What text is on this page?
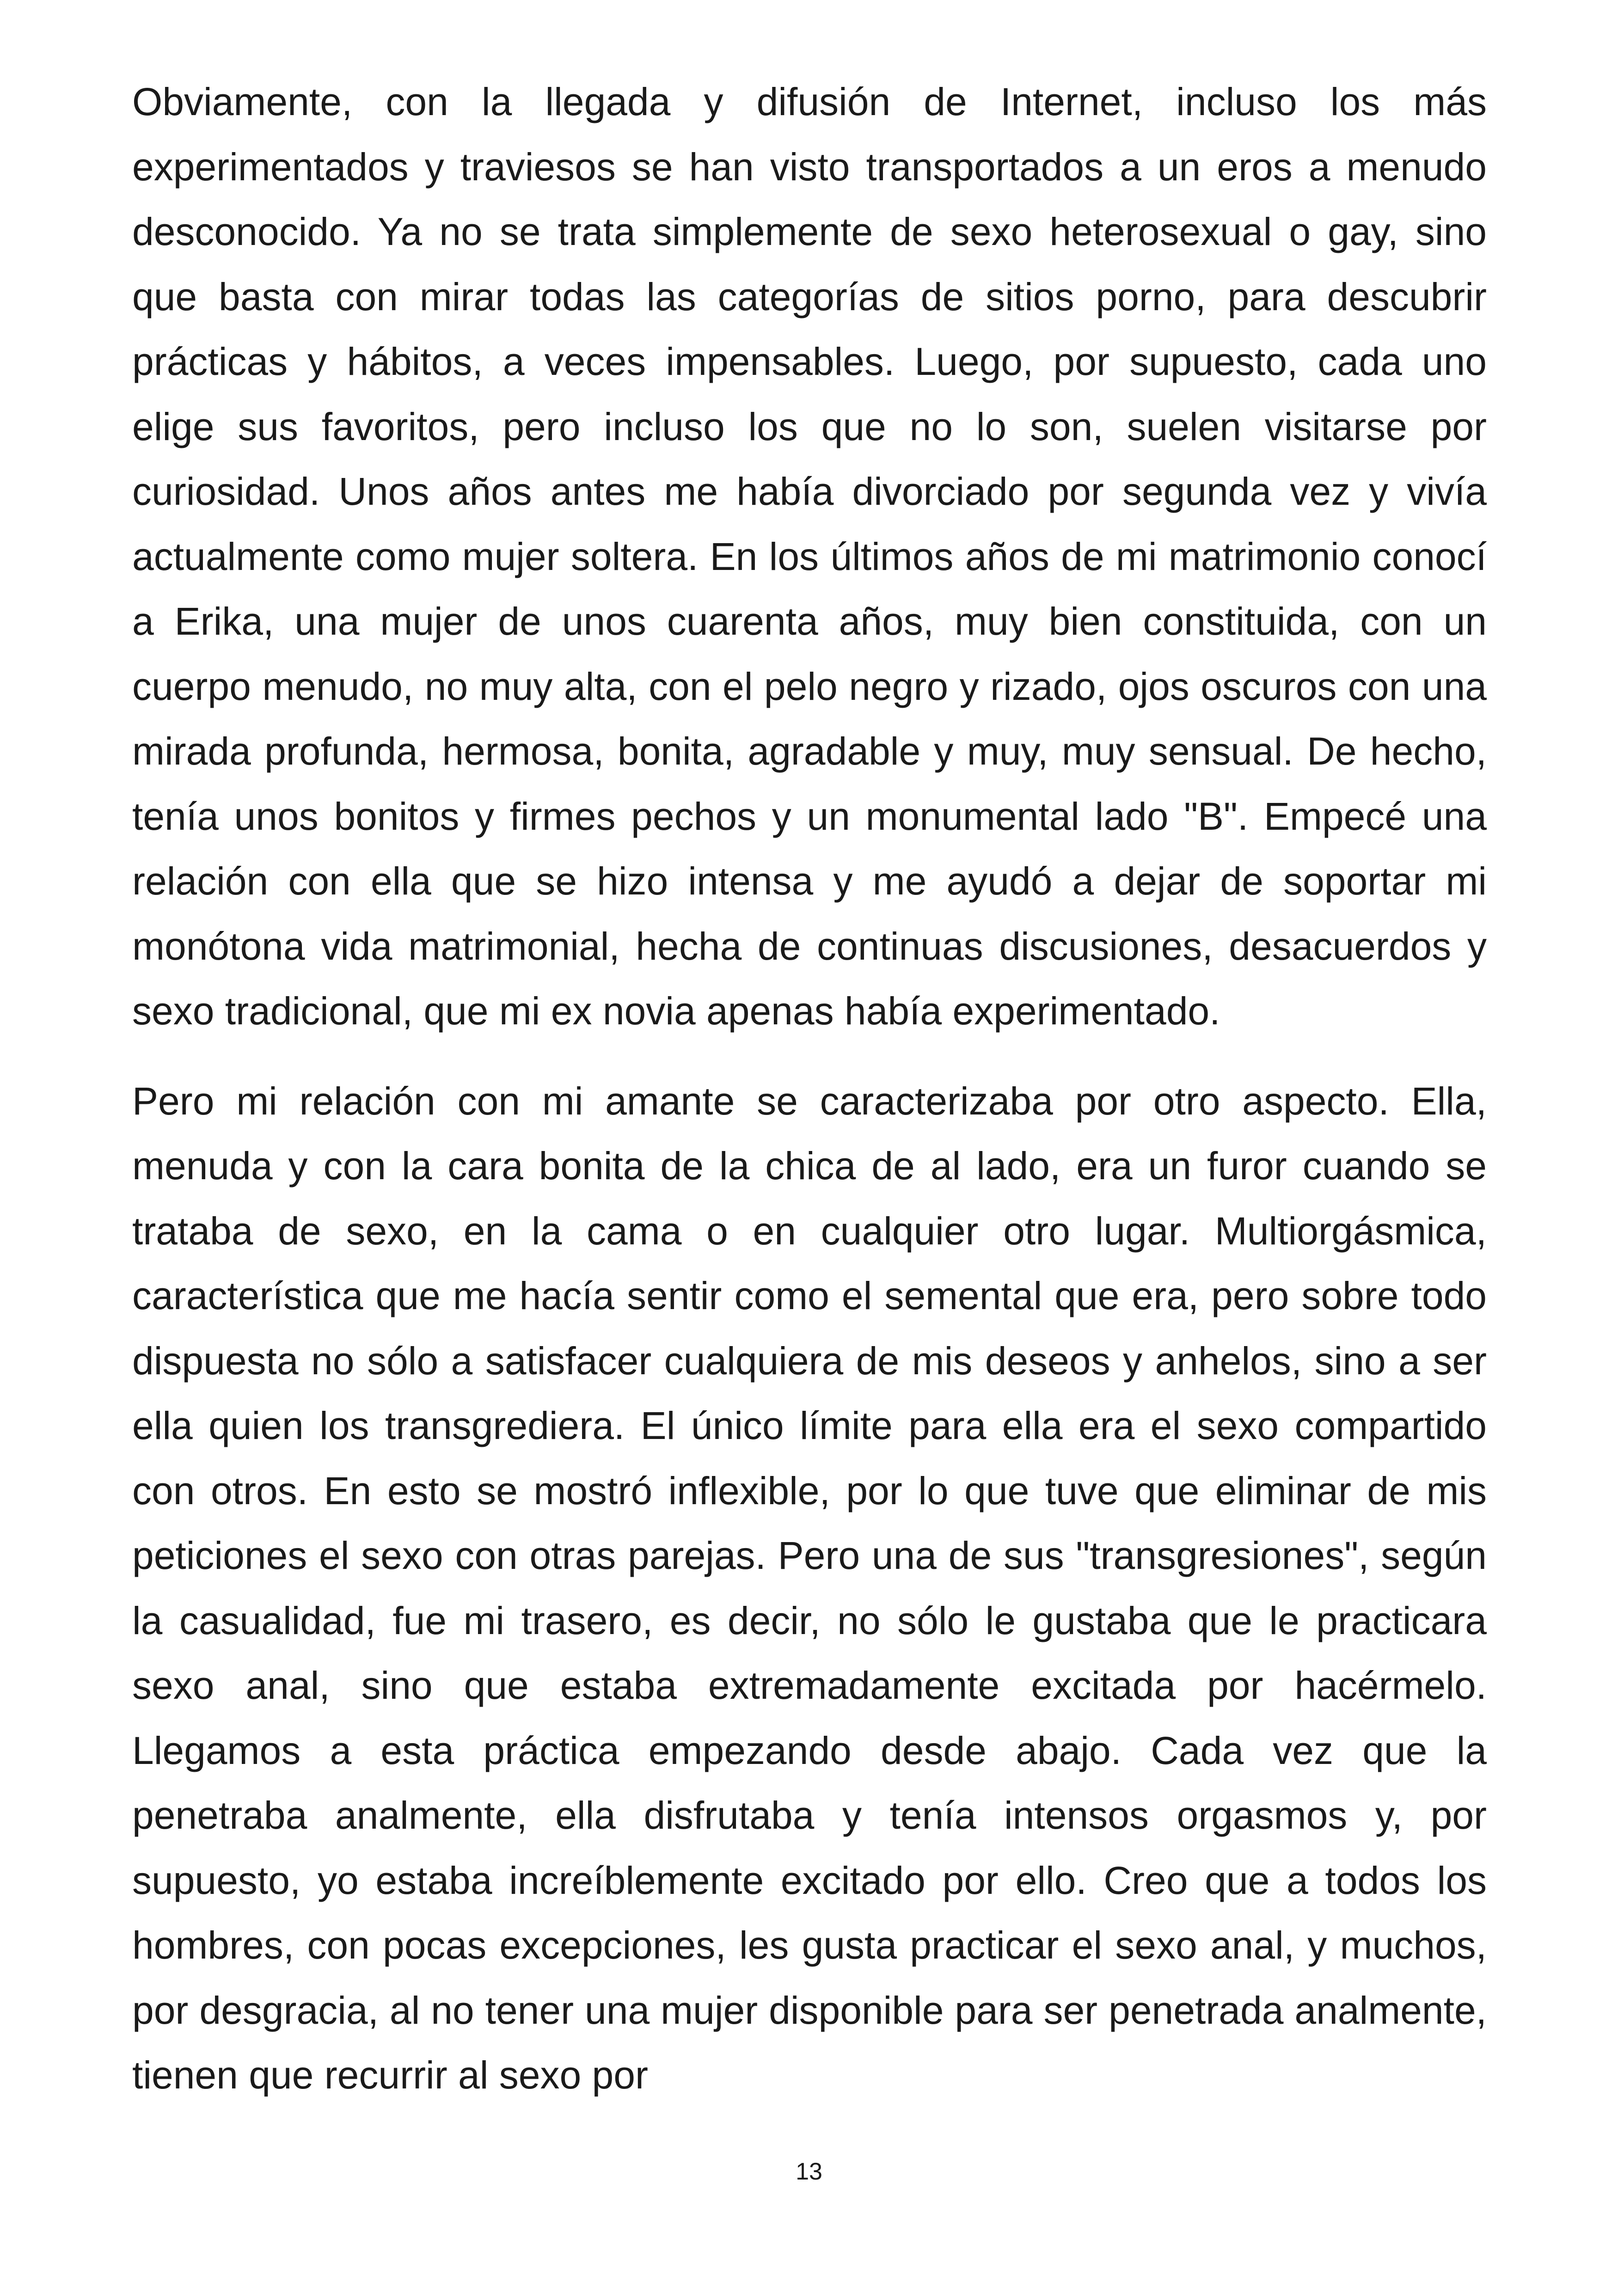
Obviamente, con la llegada y difusión de Internet, incluso los más experimentados y traviesos se han visto transportados a un eros a menudo desconocido. Ya no se trata simplemente de sexo heterosexual o gay, sino que basta con mirar todas las categorías de sitios porno, para descubrir prácticas y hábitos, a veces impensables. Luego, por supuesto, cada uno elige sus favoritos, pero incluso los que no lo son, suelen visitarse por curiosidad. Unos años antes me había divorciado por segunda vez y vivía actualmente como mujer soltera. En los últimos años de mi matrimonio conocí a Erika, una mujer de unos cuarenta años, muy bien constituida, con un cuerpo menudo, no muy alta, con el pelo negro y rizado, ojos oscuros con una mirada profunda, hermosa, bonita, agradable y muy, muy sensual. De hecho, tenía unos bonitos y firmes pechos y un monumental lado "B". Empecé una relación con ella que se hizo intensa y me ayudó a dejar de soportar mi monótona vida matrimonial, hecha de continuas discusiones, desacuerdos y sexo tradicional, que mi ex novia apenas había experimentado.

Pero mi relación con mi amante se caracterizaba por otro aspecto. Ella, menuda y con la cara bonita de la chica de al lado, era un furor cuando se trataba de sexo, en la cama o en cualquier otro lugar. Multiorgásmica, característica que me hacía sentir como el semental que era, pero sobre todo dispuesta no sólo a satisfacer cualquiera de mis deseos y anhelos, sino a ser ella quien los transgrediera. El único límite para ella era el sexo compartido con otros. En esto se mostró inflexible, por lo que tuve que eliminar de mis peticiones el sexo con otras parejas. Pero una de sus "transgresiones", según la casualidad, fue mi trasero, es decir, no sólo le gustaba que le practicara sexo anal, sino que estaba extremadamente excitada por hacérmelo. Llegamos a esta práctica empezando desde abajo. Cada vez que la penetraba analmente, ella disfrutaba y tenía intensos orgasmos y, por supuesto, yo estaba increíblemente excitado por ello. Creo que a todos los hombres, con pocas excepciones, les gusta practicar el sexo anal, y muchos, por desgracia, al no tener una mujer disponible para ser penetrada analmente, tienen que recurrir al sexo por

13
